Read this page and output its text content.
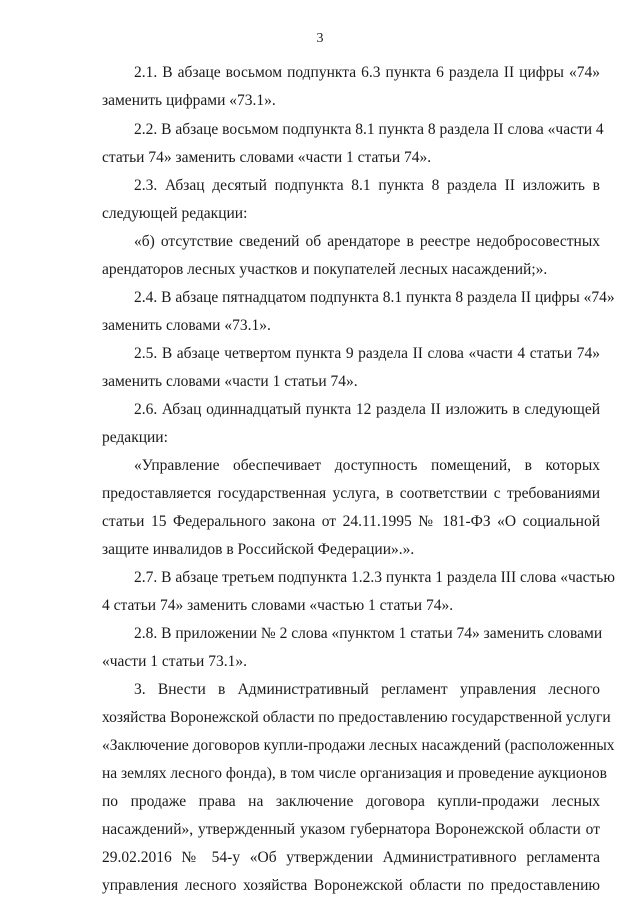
3
2.1. В абзаце восьмом подпункта 6.3 пункта 6 раздела II цифры «74»
заменить цифрами «73.1».
2.2. В абзаце восьмом подпункта 8.1 пункта 8 раздела II слова «части 4
статьи 74» заменить словами «части 1 статьи 74».
2.3. Абзац десятый подпункта 8.1 пункта 8 раздела II изложить в
следующей редакции:
«б) отсутствие сведений об арендаторе в реестре недобросовестных
арендаторов лесных участков и покупателей лесных насаждений;».
2.4. В абзаце пятнадцатом подпункта 8.1 пункта 8 раздела II цифры «74»
заменить словами «73.1».
2.5. В абзаце четвертом пункта 9 раздела II слова «части 4 статьи 74»
заменить словами «части 1 статьи 74».
2.6. Абзац одиннадцатый пункта 12 раздела II изложить в следующей
редакции:
«Управление обеспечивает доступность помещений, в которых
предоставляется государственная услуга, в соответствии с требованиями
статьи 15 Федерального закона от 24.11.1995 № 181-ФЗ «О социальной
защите инвалидов в Российской Федерации».».
2.7. В абзаце третьем подпункта 1.2.3 пункта 1 раздела III слова «частью
4 статьи 74» заменить словами «частью 1 статьи 74».
2.8. В приложении № 2 слова «пунктом 1 статьи 74» заменить словами
«части 1 статьи 73.1».
3. Внести в Административный регламент управления лесного
хозяйства Воронежской области по предоставлению государственной услуги
«Заключение договоров купли-продажи лесных насаждений (расположенных
на землях лесного фонда), в том числе организация и проведение аукционов
по продаже права на заключение договора купли-продажи лесных
насаждений», утвержденный указом губернатора Воронежской области от
29.02.2016 № 54-у «Об утверждении Административного регламента
управления лесного хозяйства Воронежской области по предоставлению
